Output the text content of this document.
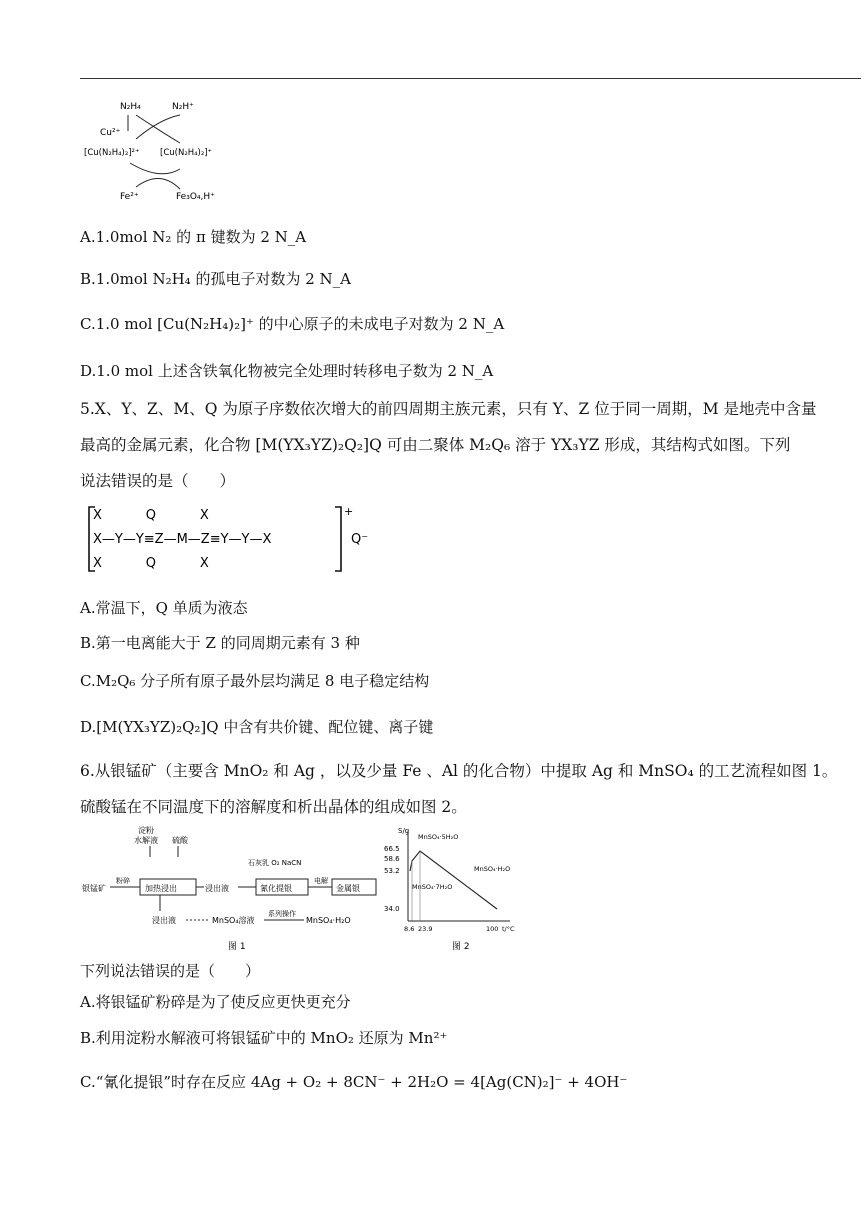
N₂H₄	N₂H⁺
Cu²⁺
[Cu(N₂H₄)₂]²⁺ [Cu(N₂H₄)₂]⁺
Fe²⁺	Fe₃O₄,H⁺
A.1.0mol N₂ 的 π 键数为 2 N_A
B.1.0mol N₂H₄ 的孤电子对数为 2 N_A
C.1.0 mol [Cu(N₂H₄)₂]⁺ 的中心原子的未成电子对数为 2 N_A
D.1.0 mol 上述含铁氧化物被完全处理时转移电子数为 2 N_A
5.X、Y、Z、M、Q 为原子序数依次增大的前四周期主族元素，只有 Y、Z 位于同一周期，M 是地壳中含量
最高的金属元素，化合物 [M(YX₃YZ)₂Q₂]Q 可由二聚体 M₂Q₆ 溶于 YX₃YZ 形成，其结构式如图。下列
说法错误的是（　　）
X        Q        X
X—Y—Y≡Z—M—Z≡Y—Y—X
X        Q        X
+
Q⁻
A.常温下，Q 单质为液态
B.第一电离能大于 Z 的同周期元素有 3 种
C.M₂Q₆ 分子所有原子最外层均满足 8 电子稳定结构
D.[M(YX₃YZ)₂Q₂]Q 中含有共价键、配位键、离子键
6.从银锰矿（主要含 MnO₂ 和 Ag ，以及少量 Fe 、Al 的化合物）中提取 Ag 和 MnSO₄ 的工艺流程如图 1。
硫酸锰在不同温度下的溶解度和析出晶体的组成如图 2。
淀粉
水解液 硫酸
银锰矿
粉碎
加热浸出	浸出液
石灰乳 O₂ NaCN
氰化提银
电解
金属银
浸出液	MnSO₄溶液
系列操作
MnSO₄·H₂O
图 1
S/g
66.5
58.6
53.2
34.0
MnSO₄·5H₂O
MnSO₄·H₂O
MnSO₄·7H₂O
8.6 23.9	100 t/°C
图 2
下列说法错误的是（　　）
A.将银锰矿粉碎是为了使反应更快更充分
B.利用淀粉水解液可将银锰矿中的 MnO₂ 还原为 Mn²⁺
C.“氰化提银”时存在反应 4Ag + O₂ + 8CN⁻ + 2H₂O = 4[Ag(CN)₂]⁻ + 4OH⁻
